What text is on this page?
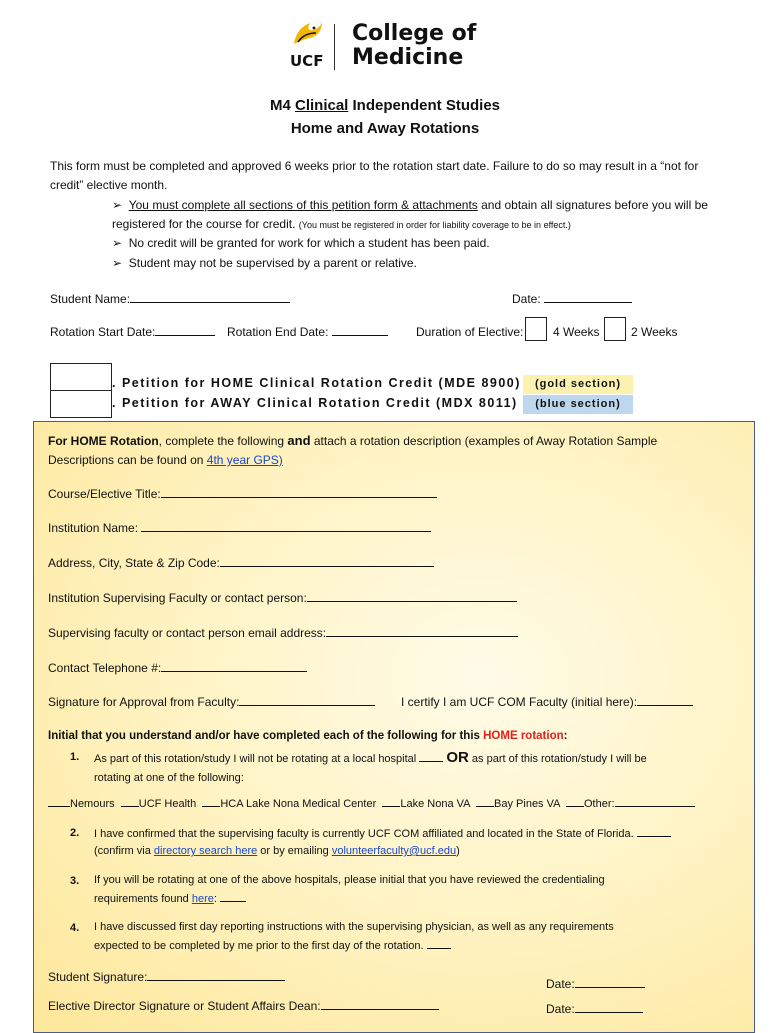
UCF
College of
Medicine
M4 Clinical Independent Studies
Home and Away Rotations
This form must be completed and approved 6 weeks prior to the rotation start date. Failure to do so may result in a “not for credit” elective month.
➢  You must complete all sections of this petition form & attachments and obtain all signatures before you will be registered for the course for credit. (You must be registered in order for liability coverage to be in effect.)
➢  No credit will be granted for work for which a student has been paid.
➢  Student may not be supervised by a parent or relative.
Student Name:	Date:
Rotation Start Date:	Rotation End Date:	Duration of Elective: 4 Weeks	2 Weeks
. Petition for HOME Clinical Rotation Credit (MDE 8900)	(gold section)
. Petition for AWAY Clinical Rotation Credit (MDX 8011)	(blue section)
For HOME Rotation, complete the following and attach a rotation description (examples of Away Rotation Sample
Descriptions can be found on 4th year GPS)
Course/Elective Title:
Institution Name:
Address, City, State & Zip Code:
Institution Supervising Faculty or contact person:
Supervising faculty or contact person email address:
Contact Telephone #:
Signature for Approval from Faculty:	I certify I am UCF COM Faculty (initial here):
Initial that you understand and/or have completed each of the following for this HOME rotation:
1. As part of this rotation/study I will not be rotating at a local hospital OR as part of this rotation/study I will be
rotating at one of the following:
Nemours UCF Health HCA Lake Nona Medical Center Lake Nona VA Bay Pines VA Other:
2. I have confirmed that the supervising faculty is currently UCF COM affiliated and located in the State of Florida.
(confirm via directory search here or by emailing volunteerfaculty@ucf.edu)
3. If you will be rotating at one of the above hospitals, please initial that you have reviewed the credentialing
requirements found here:
4. I have discussed first day reporting instructions with the supervising physician, as well as any requirements
expected to be completed by me prior to the first day of the rotation.
Student Signature:	Date:
Elective Director Signature or Student Affairs Dean:	Date:
